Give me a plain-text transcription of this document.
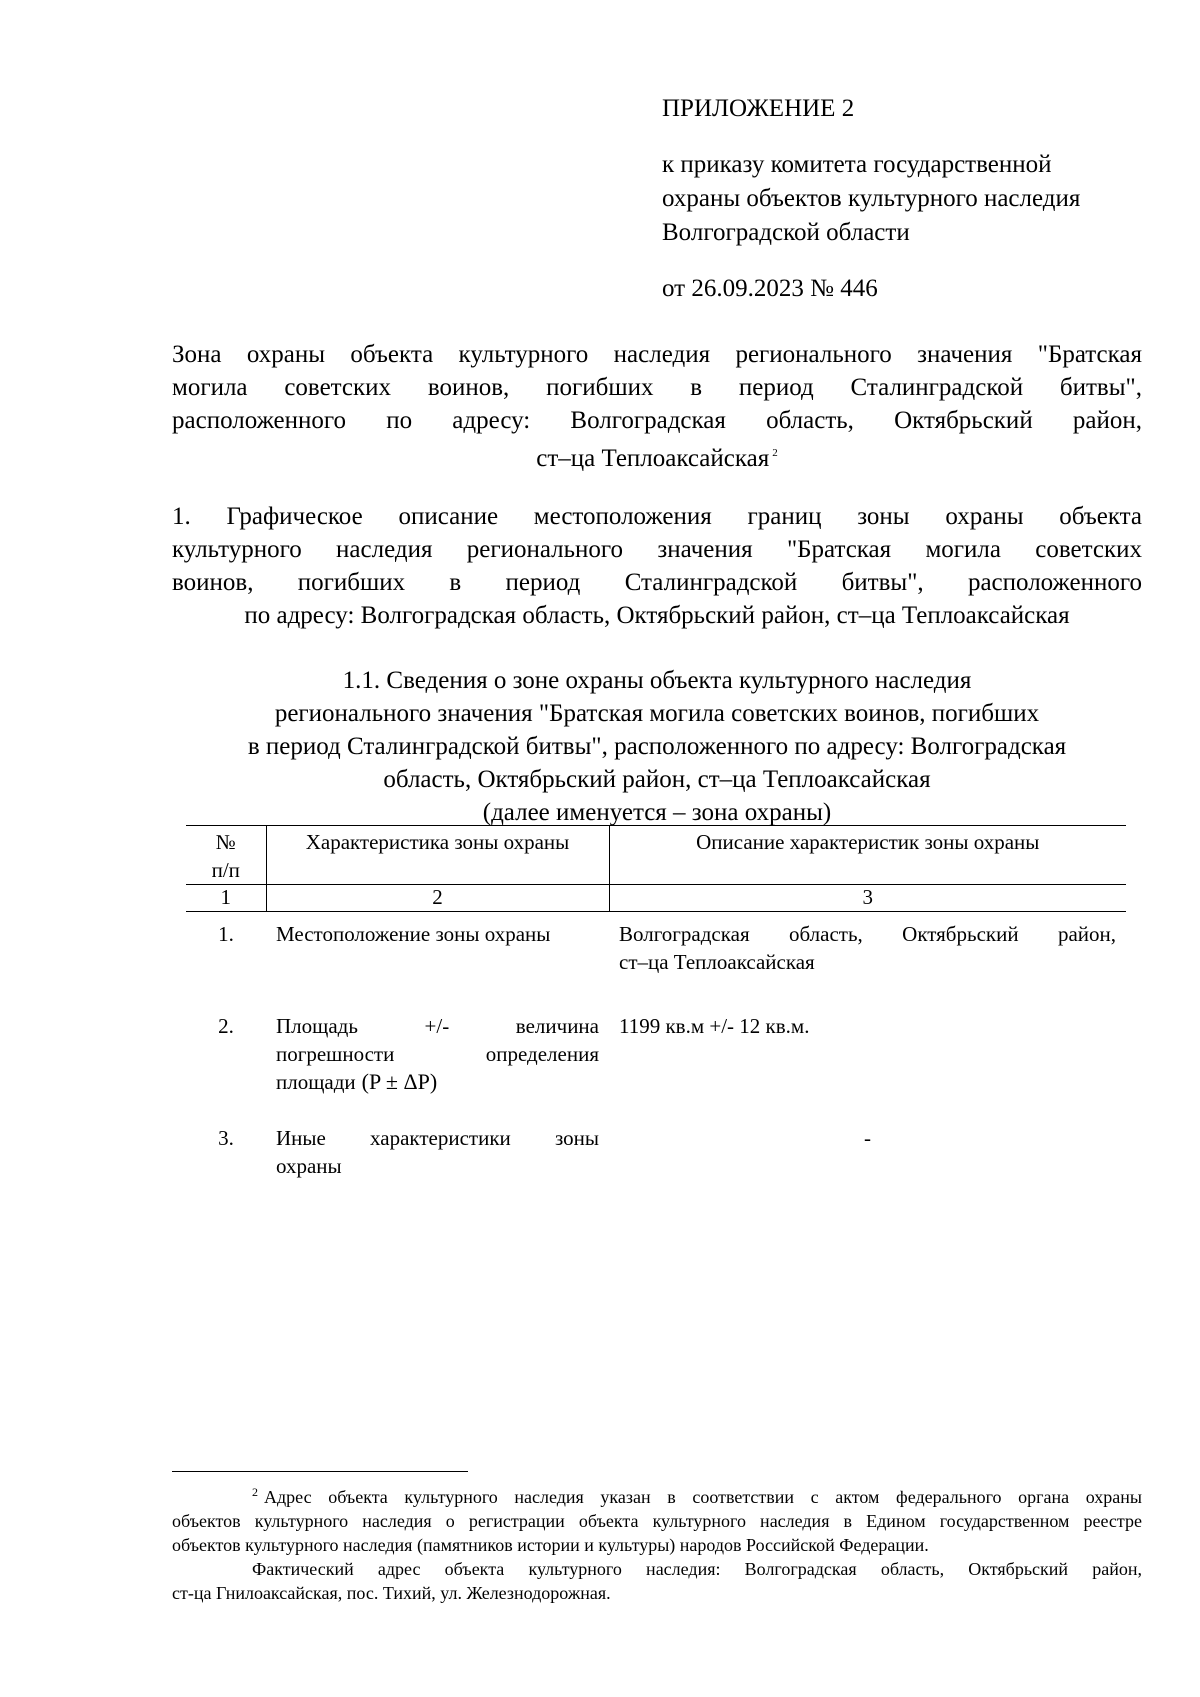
ПРИЛОЖЕНИЕ 2
к приказу комитета государственной
охраны объектов культурного наследия
Волгоградской области
от 26.09.2023 № 446
Зона охраны объекта культурного наследия регионального значения "Братская
могила советских воинов, погибших в период Сталинградской битвы",
расположенного по адресу: Волгоградская область, Октябрьский район,
ст–ца Теплоаксайская $^2$
1. Графическое описание местоположения границ зоны охраны объекта
культурного наследия регионального значения "Братская могила советских
воинов, погибших в период Сталинградской битвы", расположенного
по адресу: Волгоградская область, Октябрьский район, ст–ца Теплоаксайская
1.1. Сведения о зоне охраны объекта культурного наследия
регионального значения "Братская могила советских воинов, погибших
в период Сталинградской битвы", расположенного по адресу: Волгоградская
область, Октябрьский район, ст–ца Теплоаксайская
(далее именуется – зона охраны)
№
п/п	Характеристика зоны охраны	Описание характеристик зоны охраны
1	2	3
1.	Местоположение зоны охраны	Волгоградская область, Октябрьский район,
ст–ца Теплоаксайская

2.	Площадь +/- величина
погрешности определения
площади (P ± ΔP)	1199 кв.м +/- 12 кв.м.
3.	Иные характеристики зоны
охраны	-
$^2$ Адрес объекта культурного наследия указан в соответствии с актом федерального органа охраны
объектов культурного наследия о регистрации объекта культурного наследия в Едином государственном реестре
объектов культурного наследия (памятников истории и культуры) народов Российской Федерации.
Фактический адрес объекта культурного наследия: Волгоградская область, Октябрьский район,
ст-ца Гнилоаксайская, пос. Тихий, ул. Железнодорожная.
